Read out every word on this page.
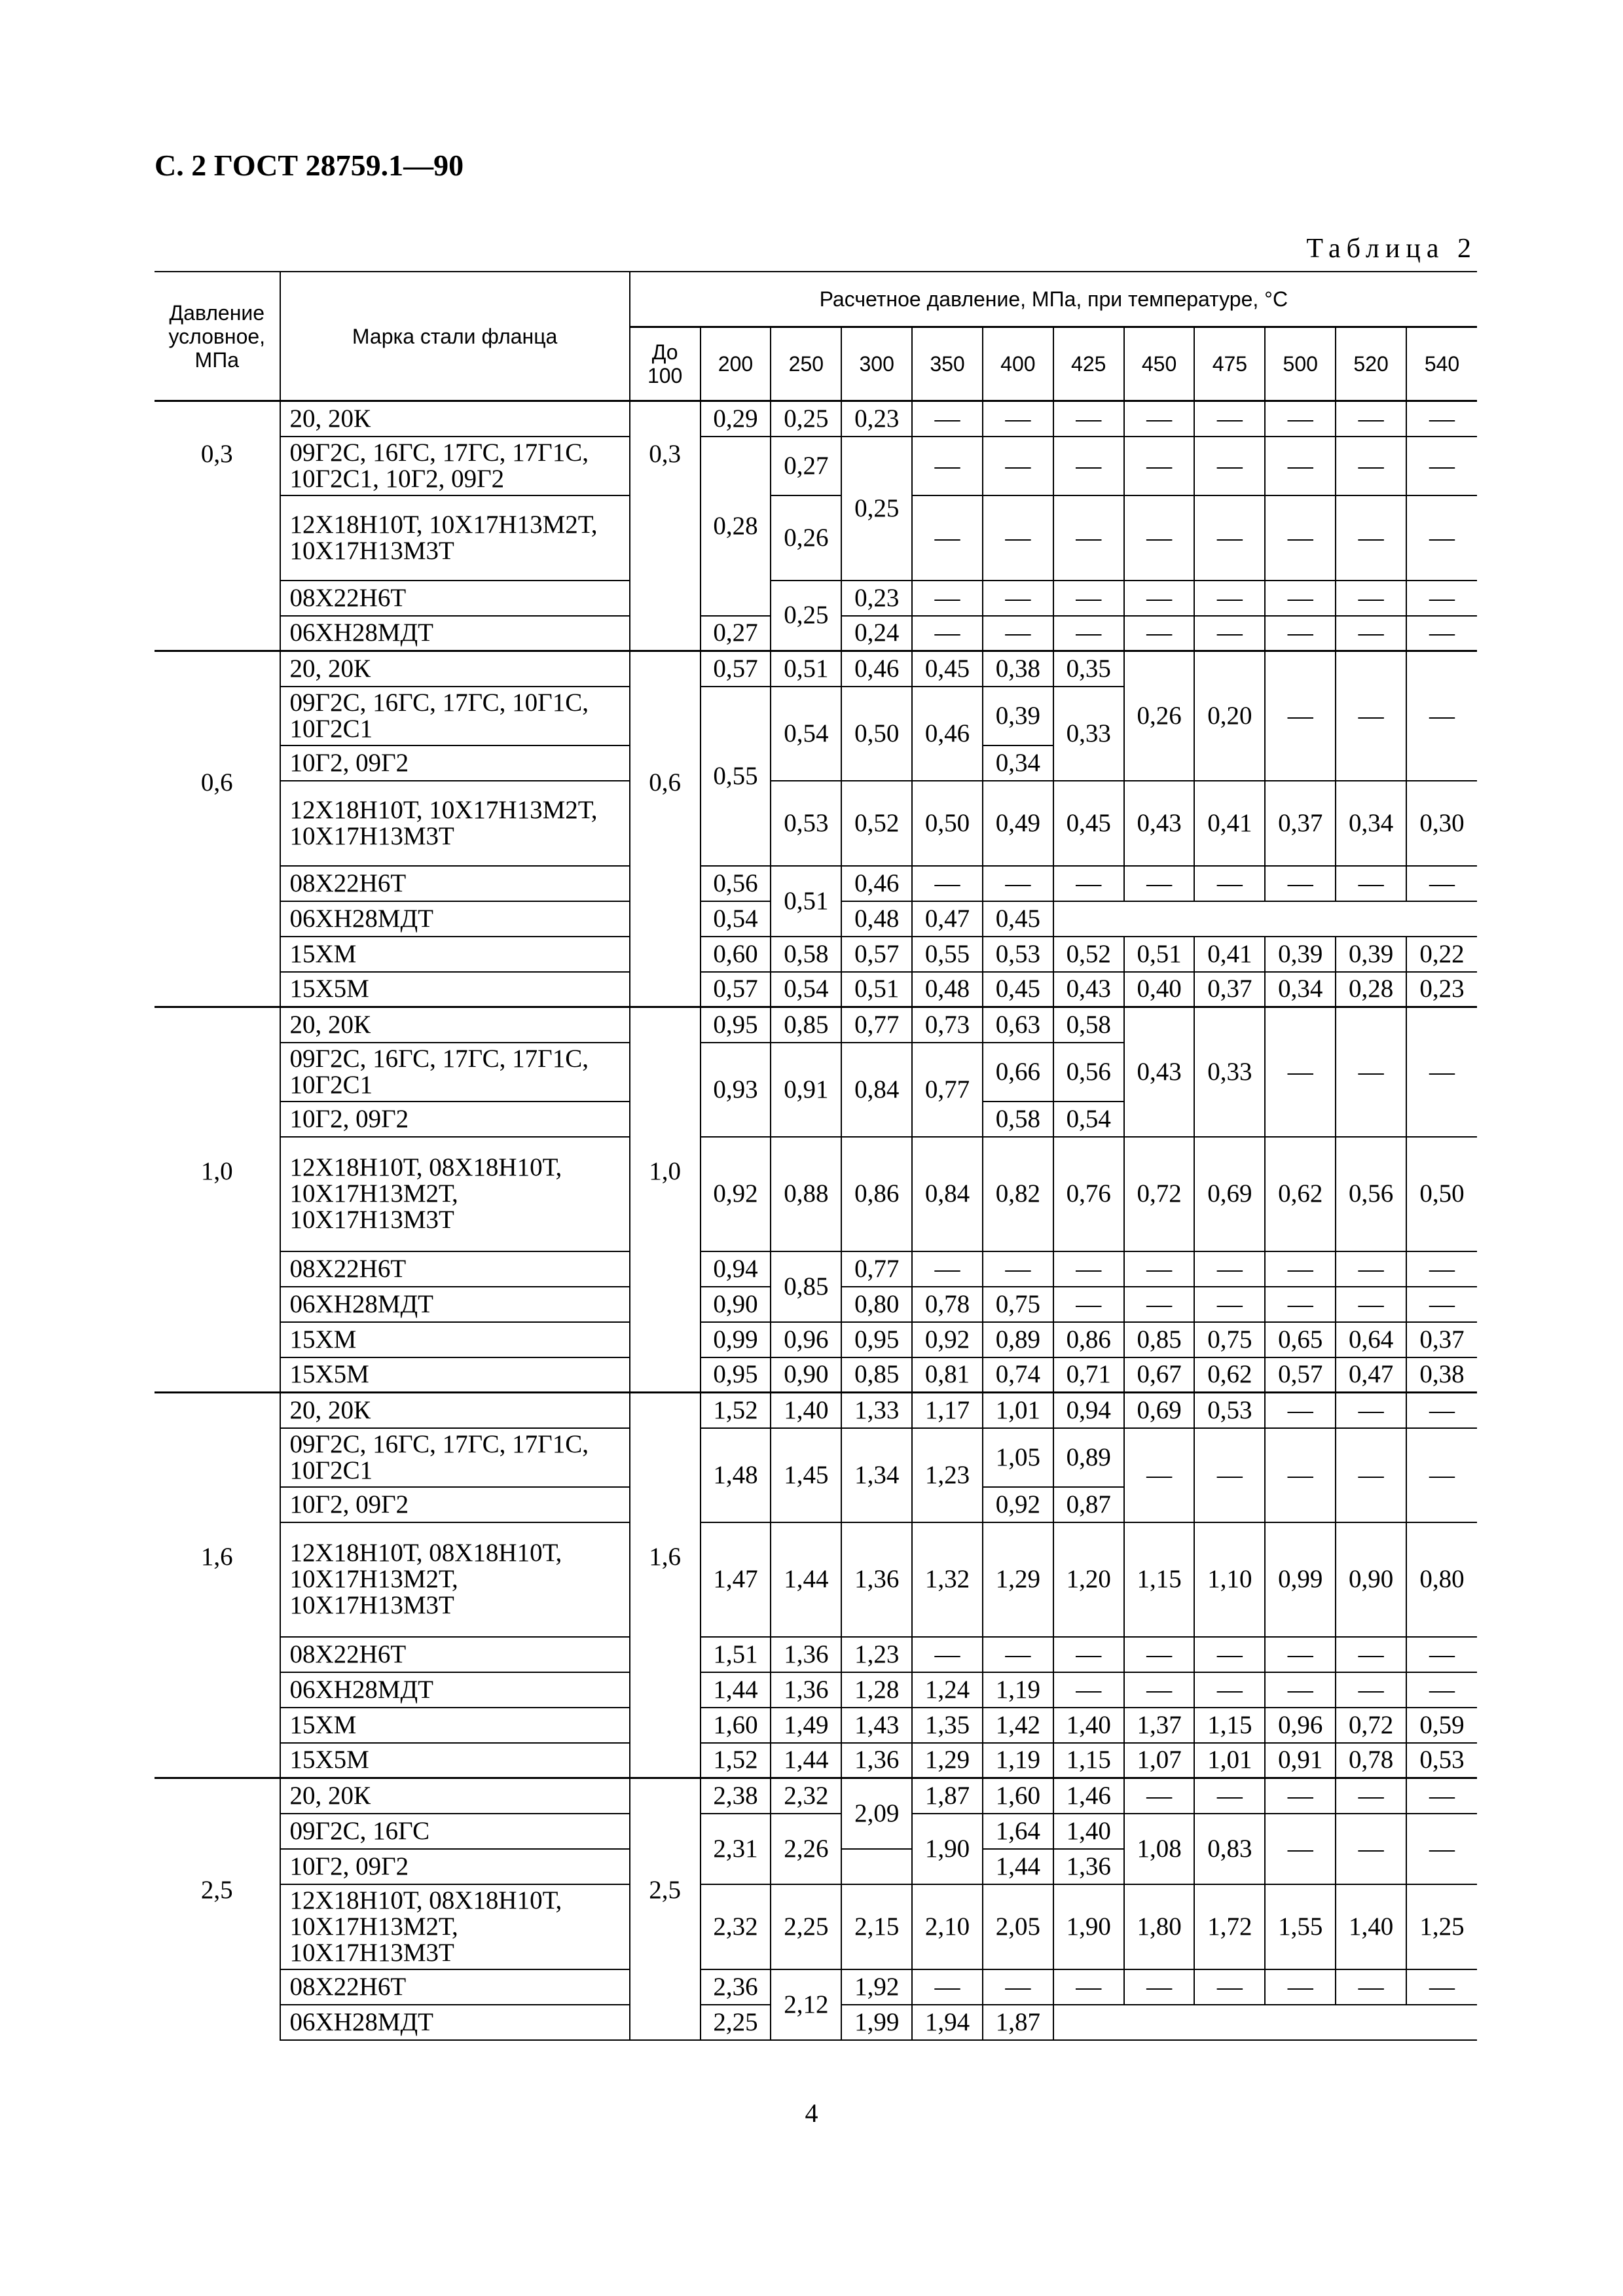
С. 2 ГОСТ 28759.1—90
Таблица 2
Давление условное, МПа	Марка стали фланца	Расчетное давление, МПа, при температуре, °С											
		До 100	200	250	300	350	400	425	450	475	500	520	540
0,3	20, 20К	0,3	0,29	0,25	0,23	—	—	—	—	—	—	—	—
	09Г2С, 16ГС, 17ГС, 17Г1С, 10Г2С1, 10Г2, 09Г2		0,28	0,27	0,25	—	—	—	—	—	—	—	—
	12Х18Н10Т, 10Х17Н13М2Т, 10Х17Н13М3Т			0,26		—	—	—	—	—	—	—	—
	08Х22Н6Т			0,25	0,23	—	—	—	—	—	—	—	—
	06ХН28МДТ		0,27		0,24	—	—	—	—	—	—	—	—
0,6	20, 20К	0,6	0,57	0,51	0,46	0,45	0,38	0,35	0,26	0,20	—	—	—
	09Г2С, 16ГС, 17ГС, 10Г1С, 10Г2С1		0,55	0,54	0,50	0,46	0,39	0,33					
	10Г2, 09Г2						0,34						
	12Х18Н10Т, 10Х17Н13М2Т, 10Х17Н13М3Т			0,53	0,52	0,50	0,49	0,45	0,43	0,41	0,37	0,34	0,30
	08Х22Н6Т		0,56	0,51	0,46	—	—	—	—	—	—	—	—
	06ХН28МДТ		0,54		0,48	0,47	0,45						
	15ХМ		0,60	0,58	0,57	0,55	0,53	0,52	0,51	0,41	0,39	0,39	0,22
	15Х5М		0,57	0,54	0,51	0,48	0,45	0,43	0,40	0,37	0,34	0,28	0,23
1,0	20, 20К	1,0	0,95	0,85	0,77	0,73	0,63	0,58	0,43	0,33	—	—	—
	09Г2С, 16ГС, 17ГС, 17Г1С, 10Г2С1		0,93	0,91	0,84	0,77	0,66	0,56					
	10Г2, 09Г2						0,58	0,54					
	12Х18Н10Т, 08Х18Н10Т, 10Х17Н13М2Т, 10Х17Н13М3Т		0,92	0,88	0,86	0,84	0,82	0,76	0,72	0,69	0,62	0,56	0,50
	08Х22Н6Т		0,94	0,85	0,77	—	—	—	—	—	—	—	—
	06ХН28МДТ		0,90		0,80	0,78	0,75	—	—	—	—	—	—
	15ХМ		0,99	0,96	0,95	0,92	0,89	0,86	0,85	0,75	0,65	0,64	0,37
	15Х5М		0,95	0,90	0,85	0,81	0,74	0,71	0,67	0,62	0,57	0,47	0,38
1,6	20, 20К	1,6	1,52	1,40	1,33	1,17	1,01	0,94	0,69	0,53	—	—	—
	09Г2С, 16ГС, 17ГС, 17Г1С, 10Г2С1		1,48	1,45	1,34	1,23	1,05	0,89	—	—	—	—	—
	10Г2, 09Г2						0,92	0,87					
	12Х18Н10Т, 08Х18Н10Т, 10Х17Н13М2Т, 10Х17Н13М3Т		1,47	1,44	1,36	1,32	1,29	1,20	1,15	1,10	0,99	0,90	0,80
	08Х22Н6Т		1,51	1,36	1,23	—	—	—	—	—	—	—	—
	06ХН28МДТ		1,44	1,36	1,28	1,24	1,19	—	—	—	—	—	—
	15ХМ		1,60	1,49	1,43	1,35	1,42	1,40	1,37	1,15	0,96	0,72	0,59
	15Х5М		1,52	1,44	1,36	1,29	1,19	1,15	1,07	1,01	0,91	0,78	0,53
2,5	20, 20К	2,5	2,38	2,32	2,09	1,87	1,60	1,46	—	—	—	—	—
	09Г2С, 16ГС		2,31	2,26		1,90	1,64	1,40	1,08	0,83	—	—	—
	10Г2, 09Г2						1,44	1,36					
	12Х18Н10Т, 08Х18Н10Т, 10Х17Н13М2Т, 10Х17Н13М3Т		2,32	2,25	2,15	2,10	2,05	1,90	1,80	1,72	1,55	1,40	1,25
	08Х22Н6Т		2,36	2,12	1,92	—	—	—	—	—	—	—	—
	06ХН28МДТ		2,25		1,99	1,94	1,87						
4
